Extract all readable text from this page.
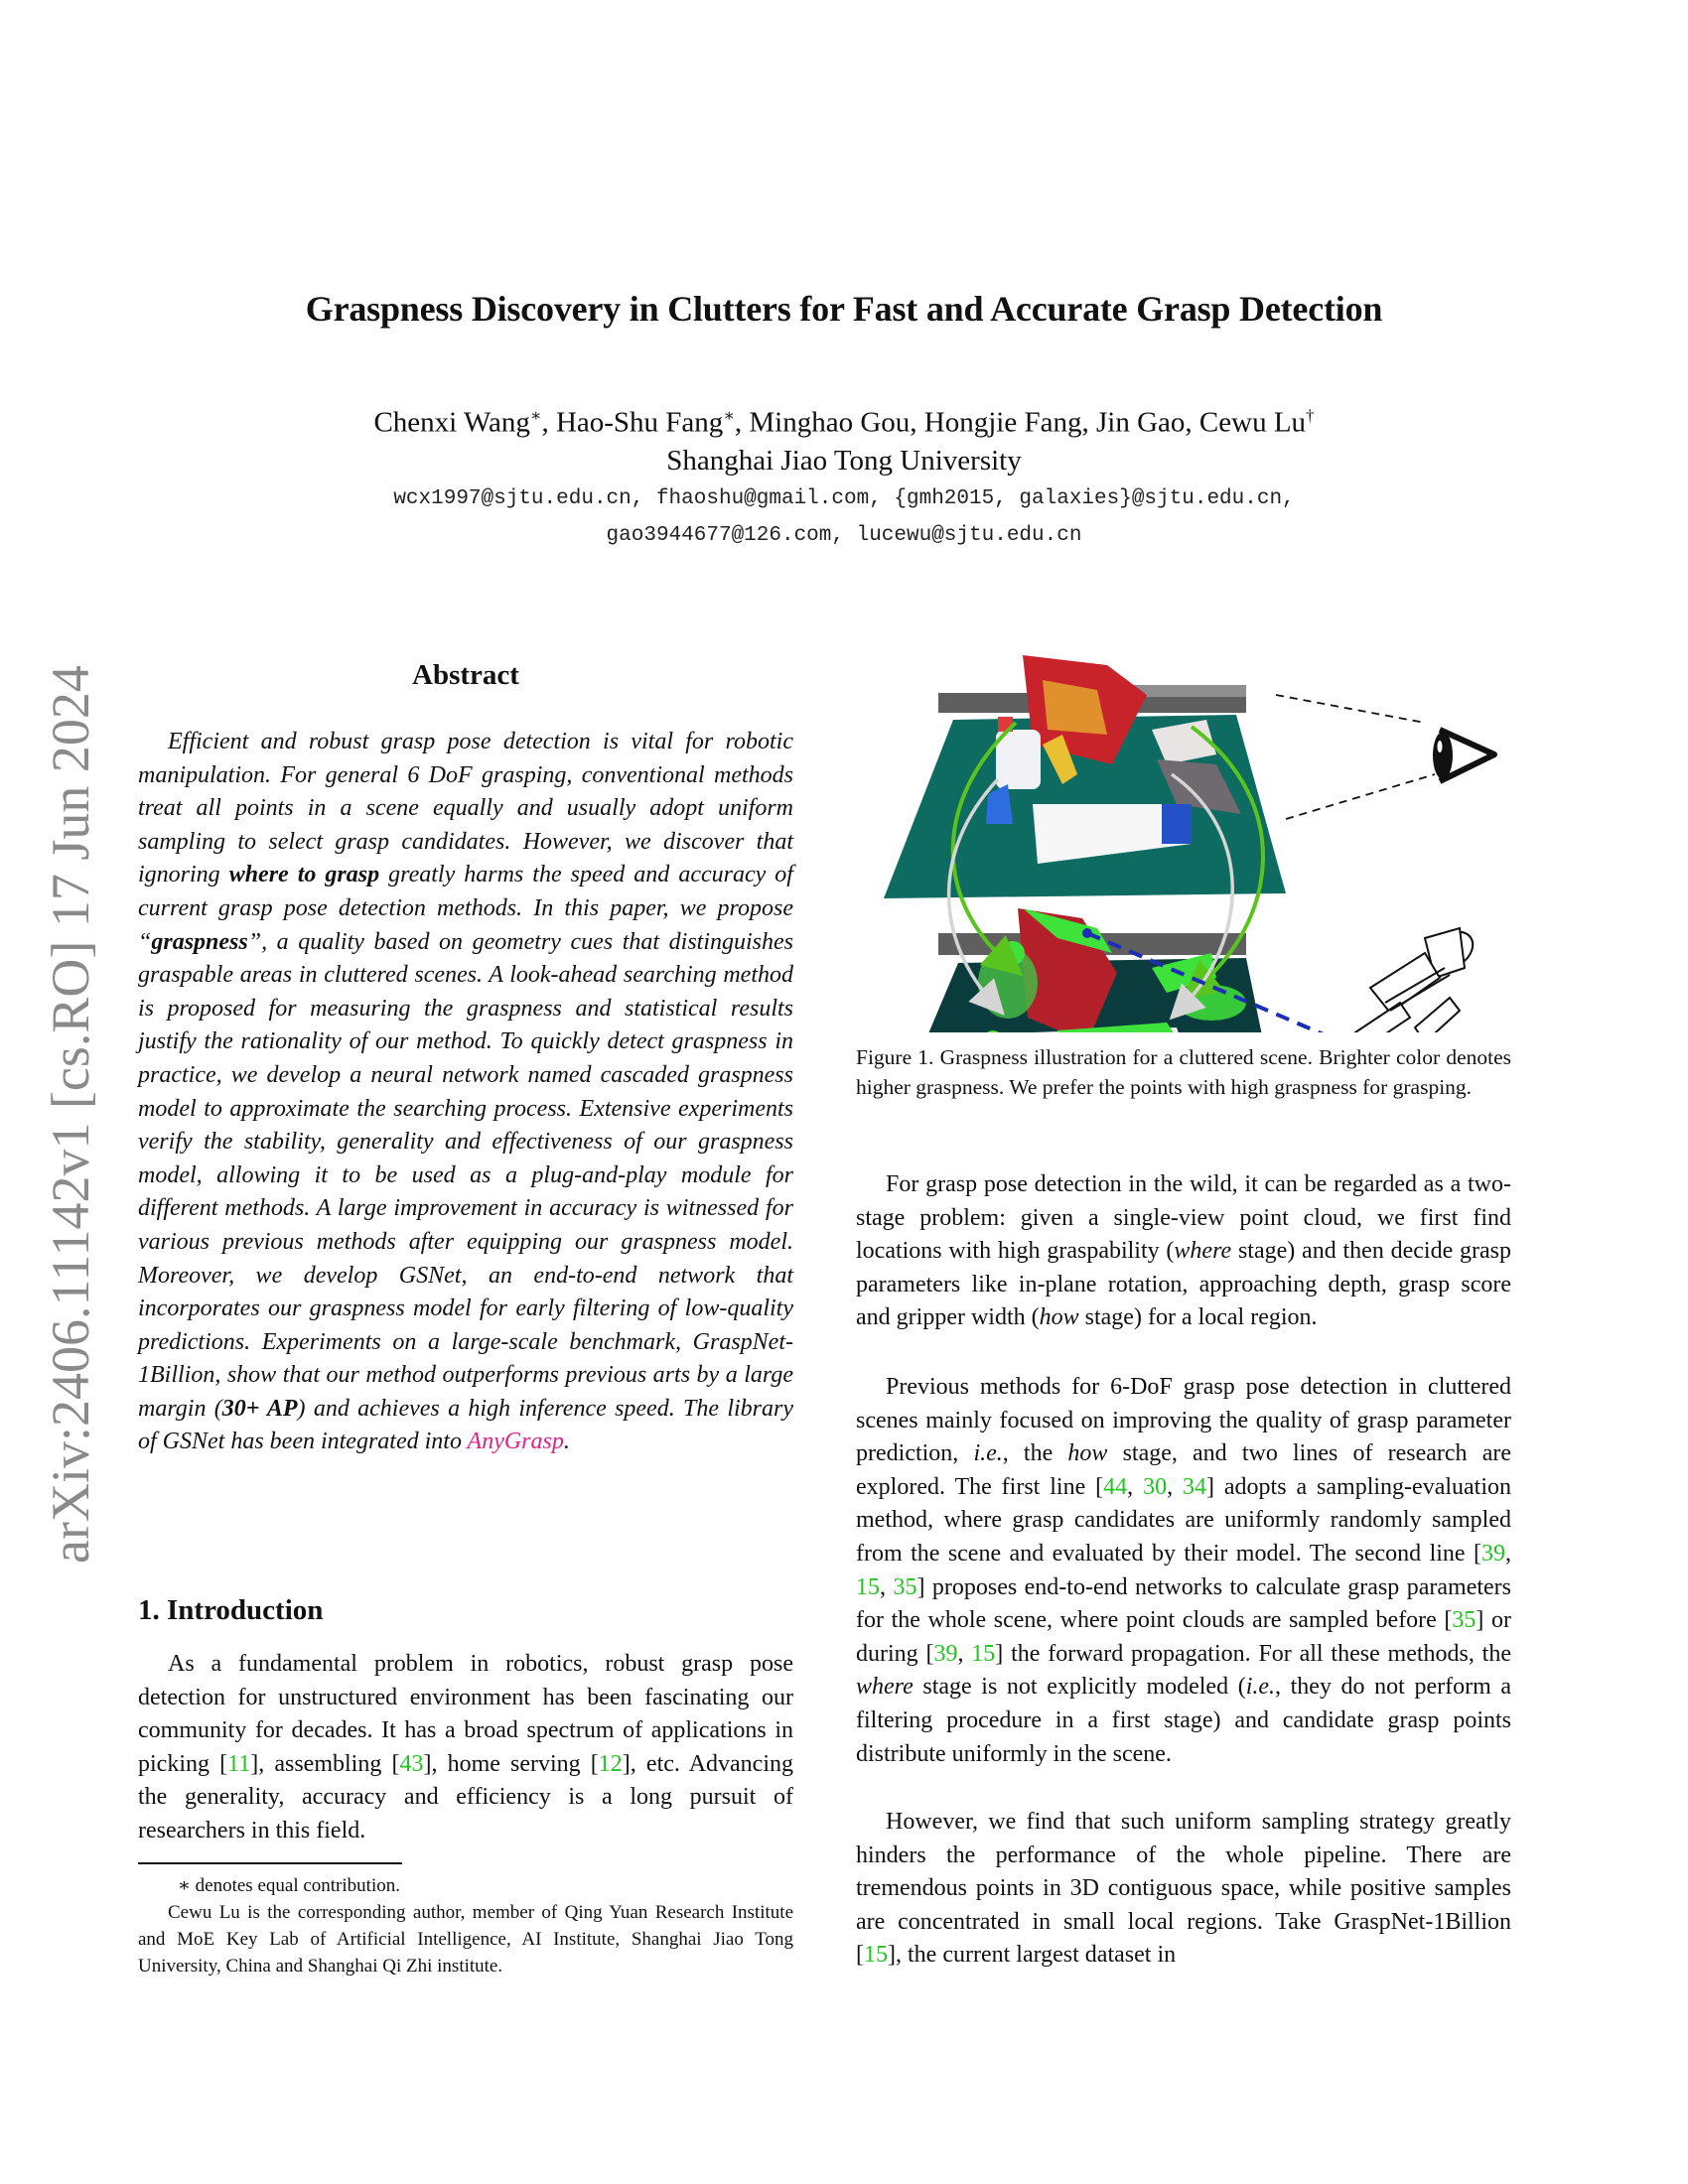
Graspness Discovery in Clutters for Fast and Accurate Grasp Detection
Chenxi Wang∗, Hao-Shu Fang∗, Minghao Gou, Hongjie Fang, Jin Gao, Cewu Lu†
Shanghai Jiao Tong University
wcx1997@sjtu.edu.cn, fhaoshu@gmail.com, {gmh2015, galaxies}@sjtu.edu.cn,
gao3944677@126.com, lucewu@sjtu.edu.cn
arXiv:2406.11142v1 [cs.RO] 17 Jun 2024	Abstract
Efficient and robust grasp pose detection is vital for robotic manipulation. For general 6 DoF grasping, conventional methods treat all points in a scene equally and usually adopt uniform sampling to select grasp candidates. However, we discover that ignoring where to grasp greatly harms the speed and accuracy of current grasp pose detection methods. In this paper, we propose “graspness”, a quality based on geometry cues that distinguishes graspable areas in cluttered scenes. A look-ahead searching method is proposed for measuring the graspness and statistical results justify the rationality of our method. To quickly detect graspness in practice, we develop a neural network named cascaded graspness model to approximate the searching process. Extensive experiments verify the stability, generality and effectiveness of our graspness model, allowing it to be used as a plug-and-play module for different methods. A large improvement in accuracy is witnessed for various previous methods after equipping our graspness model. Moreover, we develop GSNet, an end-to-end network that incorporates our graspness model for early filtering of low-quality predictions. Experiments on a large-scale benchmark, GraspNet-1Billion, show that our method outperforms previous arts by a large margin (30+ AP) and achieves a high inference speed. The library of GSNet has been integrated into AnyGrasp.
1. Introduction
As a fundamental problem in robotics, robust grasp pose detection for unstructured environment has been fascinating our community for decades. It has a broad spectrum of applications in picking [11], assembling [43], home serving [12], etc. Advancing the generality, accuracy and efficiency is a long pursuit of researchers in this field.

∗ denotes equal contribution.

Cewu Lu is the corresponding author, member of Qing Yuan Research Institute and MoE Key Lab of Artificial Intelligence, AI Institute, Shanghai Jiao Tong University, China and Shanghai Qi Zhi institute.

Figure 1. Graspness illustration for a cluttered scene. Brighter color denotes higher graspness. We prefer the points with high graspness for grasping.

For grasp pose detection in the wild, it can be regarded as a two-stage problem: given a single-view point cloud, we first find locations with high graspability (where stage) and then decide grasp parameters like in-plane rotation, approaching depth, grasp score and gripper width (how stage) for a local region.

Previous methods for 6-DoF grasp pose detection in cluttered scenes mainly focused on improving the quality of grasp parameter prediction, i.e., the how stage, and two lines of research are explored. The first line [44, 30, 34] adopts a sampling-evaluation method, where grasp candidates are uniformly randomly sampled from the scene and evaluated by their model. The second line [39, 15, 35] proposes end-to-end networks to calculate grasp parameters for the whole scene, where point clouds are sampled before [35] or during [39, 15] the forward propagation. For all these methods, the where stage is not explicitly modeled (i.e., they do not perform a filtering procedure in a first stage) and candidate grasp points distribute uniformly in the scene.

However, we find that such uniform sampling strategy greatly hinders the performance of the whole pipeline. There are tremendous points in 3D contiguous space, while positive samples are concentrated in small local regions. Take GraspNet-1Billion [15], the current largest dataset in
